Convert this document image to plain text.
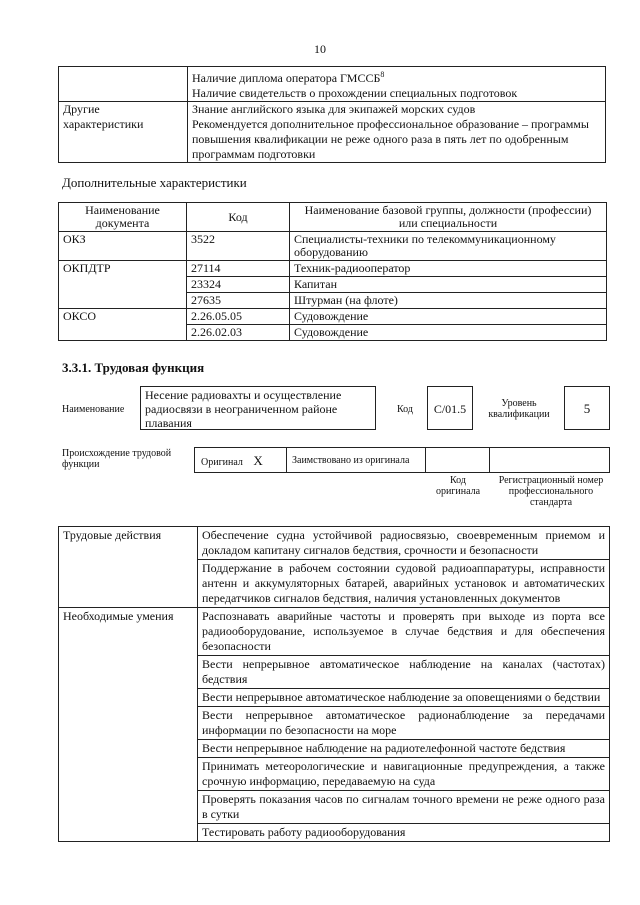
10

	Наличие диплома оператора ГМССБ$^8$
Наличие свидетельств о прохождении специальных подготовок

Другие характеристики	Знание английского языка для экипажей морских судов
Рекомендуется дополнительное профессиональное образование – программы повышения квалификации не реже одного раза в пять лет по одобренным программам подготовки
Дополнительные характеристики
Наименование документа	Код	Наименование базовой группы, должности (профессии) или специальности
ОКЗ	3522	Специалисты-техники по телекоммуникационному оборудованию
ОКПДТР	27114	Техник-радиооператор
	23324	Капитан
	27635	Штурман (на флоте)
ОКСО	2.26.05.05	Судовождение
	2.26.02.03	Судовождение
3.3.1. Трудовая функция
Наименование
Несение радиовахты и осуществление радиосвязи в неограниченном районе плавания
Код	C/01.5	Уровень квалификации	5
Происхождение трудовой функции	Оригинал X	Заимствовано из оригинала
Код оригинала
Регистрационный номер профессионального стандарта
Трудовые действия	Обеспечение судна устойчивой радиосвязью, своевременным приемом и докладом капитану сигналов бедствия, срочности и безопасности
	Поддержание в рабочем состоянии судовой радиоаппаратуры, исправности антенн и аккумуляторных батарей, аварийных установок и автоматических передатчиков сигналов бедствия, наличия установленных документов
Необходимые умения	Распознавать аварийные частоты и проверять при выходе из порта все радиооборудование, используемое в случае бедствия и для обеспечения безопасности
	Вести непрерывное автоматическое наблюдение на каналах (частотах) бедствия
	Вести непрерывное автоматическое наблюдение за оповещениями о бедствии
	Вести непрерывное автоматическое радионаблюдение за передачами информации по безопасности на море
	Вести непрерывное наблюдение на радиотелефонной частоте бедствия
	Принимать метеорологические и навигационные предупреждения, а также срочную информацию, передаваемую на суда
	Проверять показания часов по сигналам точного времени не реже одного раза в сутки
	Тестировать работу радиооборудования
